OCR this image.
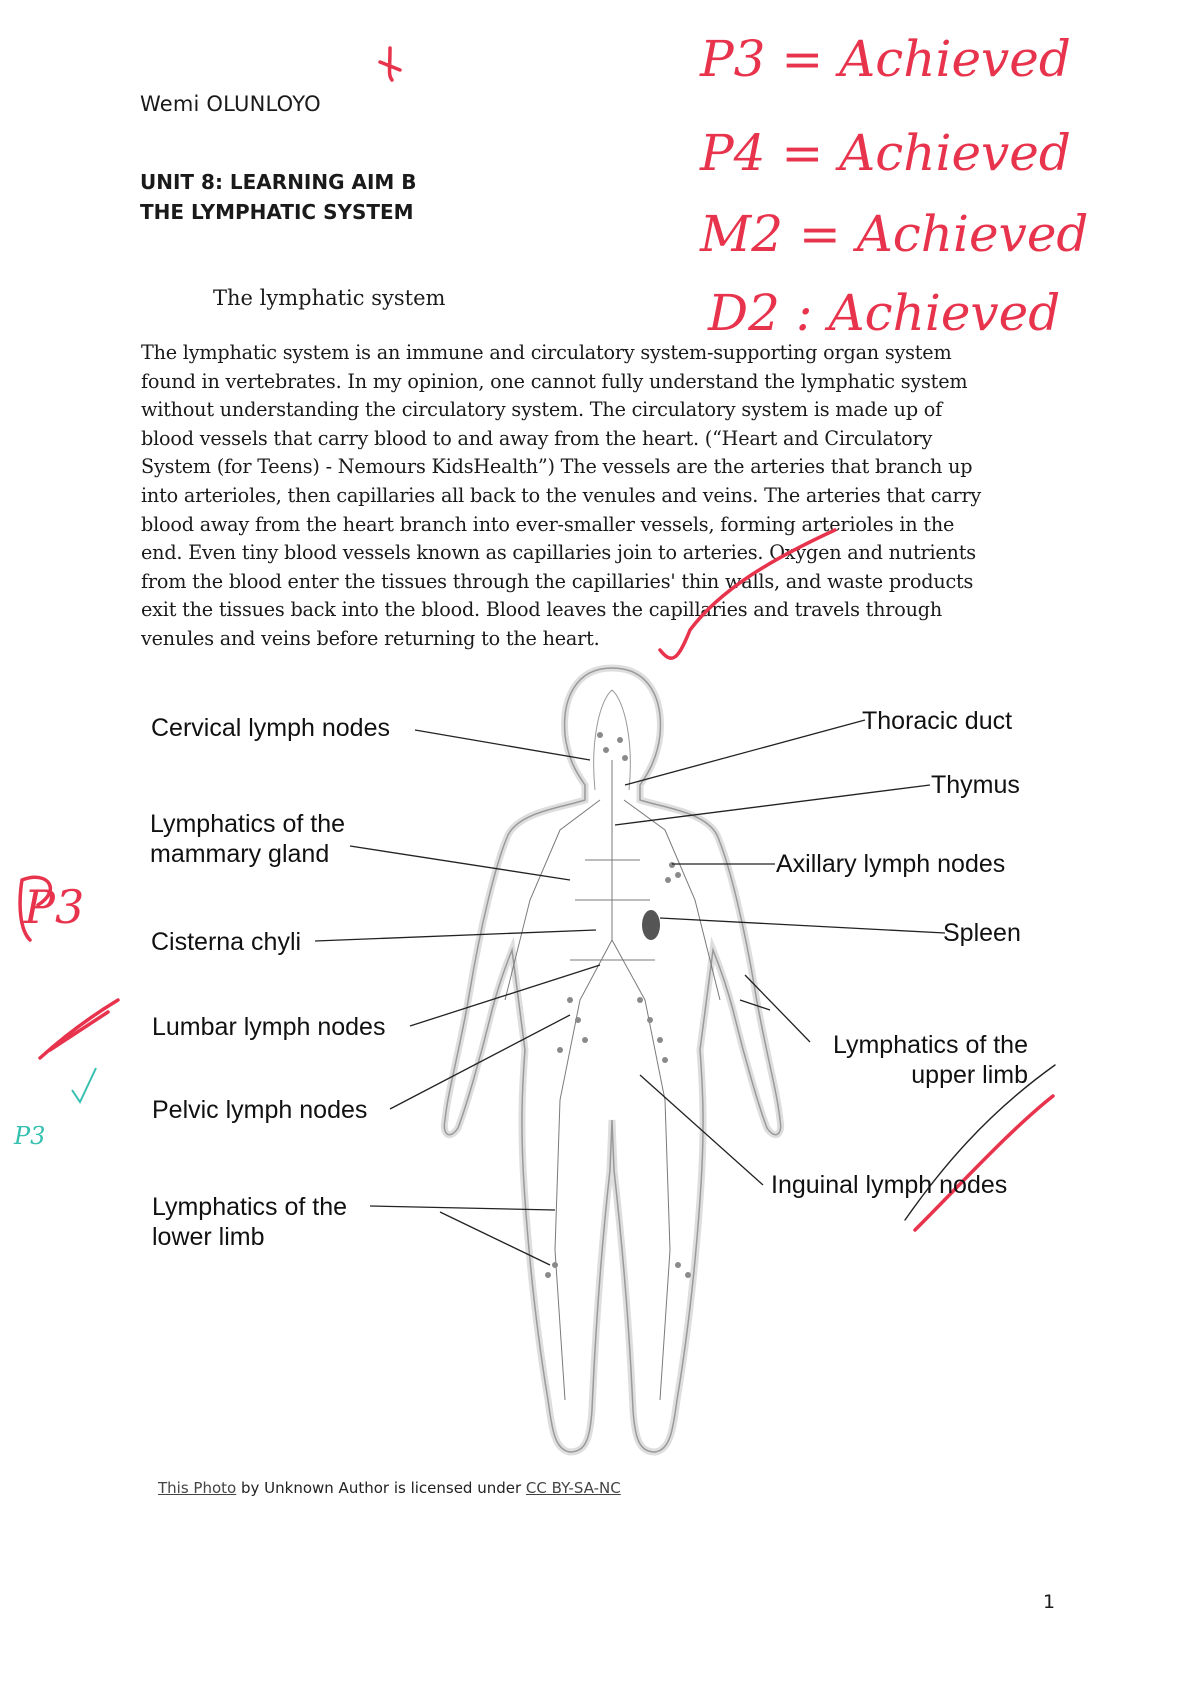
Wemi OLUNLOYO
UNIT 8: LEARNING AIM B
THE LYMPHATIC SYSTEM
The lymphatic system

The lymphatic system is an immune and circulatory system-supporting organ system

found in vertebrates. In my opinion, one cannot fully understand the lymphatic system

without understanding the circulatory system. The circulatory system is made up of

blood vessels that carry blood to and away from the heart. (“Heart and Circulatory

System (for Teens) - Nemours KidsHealth”) The vessels are the arteries that branch up

into arterioles, then capillaries all back to the venules and veins. The arteries that carry

blood away from the heart branch into ever-smaller vessels, forming arterioles in the

end. Even tiny blood vessels known as capillaries join to arteries. Oxygen and nutrients

from the blood enter the tissues through the capillaries' thin walls, and waste products

exit the tissues back into the blood. Blood leaves the capillaries and travels through

venules and veins before returning to the heart.

Cervical lymph nodes
Lymphatics of the
mammary gland
Cisterna chyli
Lumbar lymph nodes
Pelvic lymph nodes
Lymphatics of the
lower limb
Thoracic duct
Thymus
Axillary lymph nodes
Spleen
Lymphatics of the
upper limb
Inguinal lymph nodes
This Photo by Unknown Author is licensed under CC BY-SA-NC
1
P3 = Achieved
P4 = Achieved
M2 = Achieved
D2 : Achieved
P3
P3
